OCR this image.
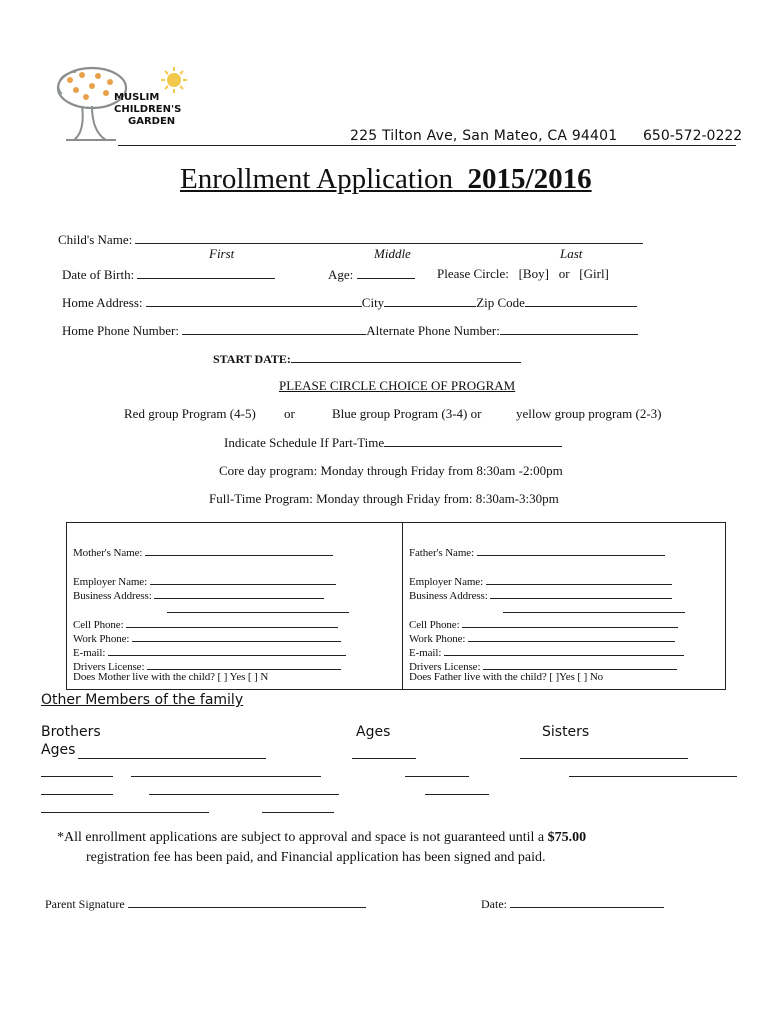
MUSLIM
CHILDREN'S
GARDEN
225 Tilton Ave, San Mateo, CA 94401 650-572-0222
Enrollment Application 2015/2016
Child's Name:
First	Middle	Last
Date of Birth:	Age:	Please Circle: [Boy] or [Girl]
Home Address:	City	Zip Code
Home Phone Number:	Alternate Phone Number:
START DATE:
PLEASE CIRCLE CHOICE OF PROGRAM
Red group Program (4-5) or	Blue group Program (3-4) or	yellow group program (2-3)
Indicate Schedule If Part-Time
Core day program: Monday through Friday from 8:30am -2:00pm
Full-Time Program: Monday through Friday from: 8:30am-3:30pm
Mother's Name:
Employer Name:
Business Address:
Cell Phone:
Work Phone:
E-mail:
Drivers License:
Does Mother live with the child? [ ] Yes [ ] N
Father's Name:
Employer Name:
Business Address:
Cell Phone:
Work Phone:
E-mail:
Drivers License:
Does Father live with the child? [ ]Yes [ ] No
Other Members of the family
Brothers	Ages	Sisters
Ages
*All enrollment applications are subject to approval and space is not guaranteed until a $75.00
registration fee has been paid, and Financial application has been signed and paid.
Parent Signature	Date:
